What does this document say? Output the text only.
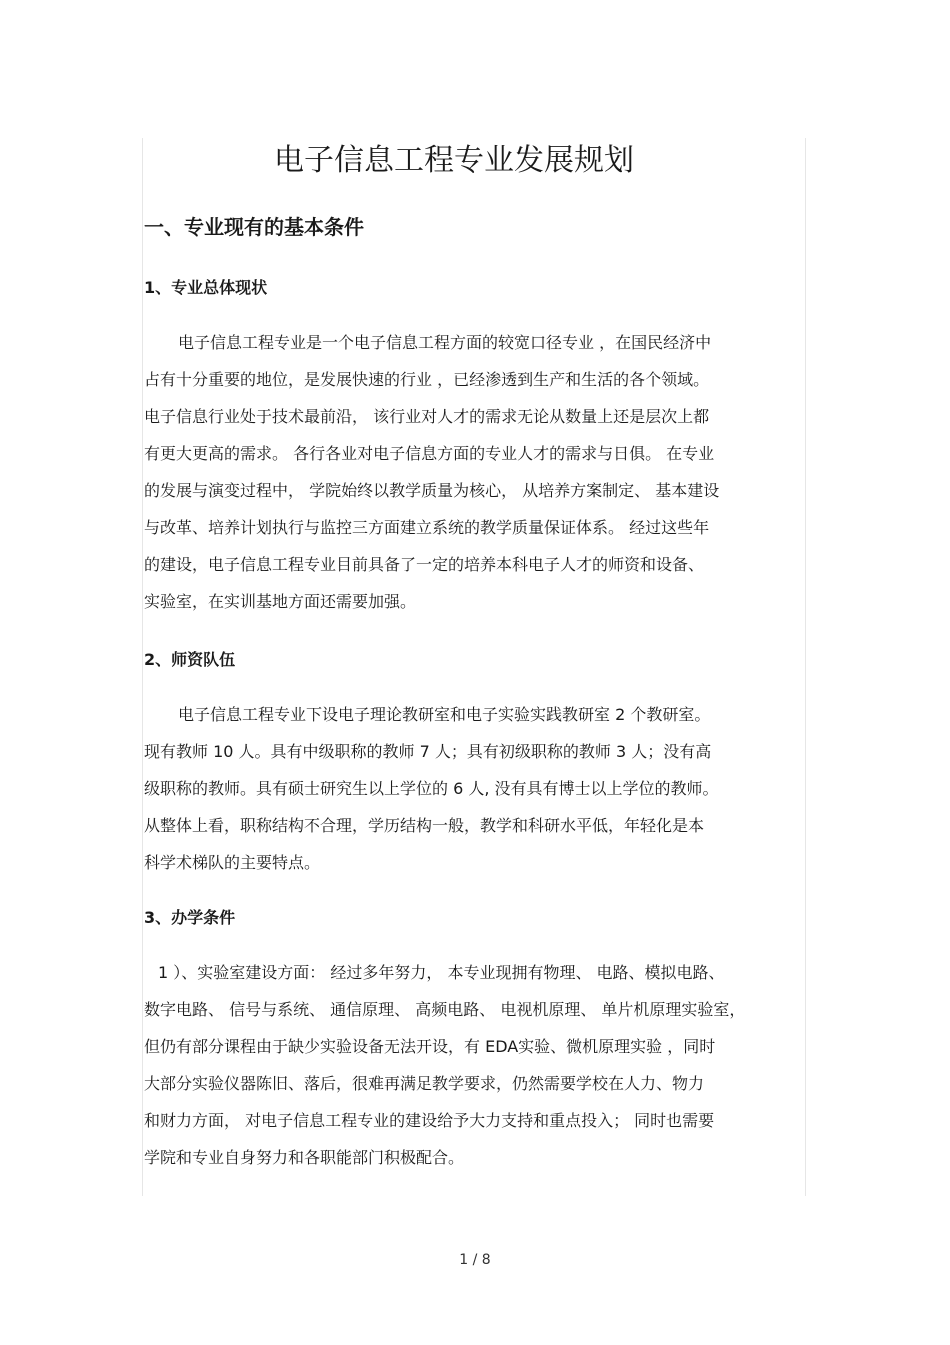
电子信息工程专业发展规划
一、专业现有的基本条件
1、专业总体现状

电子信息工程专业是一个电子信息工程方面的较宽口径专业 ，在国民经济中
占有十分重要的地位，是发展快速的行业 ，已经渗透到生产和生活的各个领域。
电子信息行业处于技术最前沿， 该行业对人才的需求无论从数量上还是层次上都
有更大更高的需求。 各行各业对电子信息方面的专业人才的需求与日俱。 在专业
的发展与演变过程中， 学院始终以教学质量为核心， 从培养方案制定、 基本建设
与改革、培养计划执行与监控三方面建立系统的教学质量保证体系。 经过这些年
的建设，电子信息工程专业目前具备了一定的培养本科电子人才的师资和设备、
实验室，在实训基地方面还需要加强。

2、师资队伍

电子信息工程专业下设电子理论教研室和电子实验实践教研室 2 个教研室。
现有教师 10 人。具有中级职称的教师 7 人；具有初级职称的教师 3 人；没有高
级职称的教师。具有硕士研究生以上学位的 6 人, 没有具有博士以上学位的教师。
从整体上看，职称结构不合理，学历结构一般，教学和科研水平低，年轻化是本
科学术梯队的主要特点。

3、办学条件

1 ）、实验室建设方面： 经过多年努力， 本专业现拥有物理、 电路、模拟电路、
数字电路、 信号与系统、 通信原理、 高频电路、 电视机原理、 单片机原理实验室，
但仍有部分课程由于缺少实验设备无法开设，有 EDA实验、微机原理实验 ，同时
大部分实验仪器陈旧、落后，很难再满足教学要求，仍然需要学校在人力、物力
和财力方面， 对电子信息工程专业的建设给予大力支持和重点投入； 同时也需要
学院和专业自身努力和各职能部门积极配合。

1 / 8
